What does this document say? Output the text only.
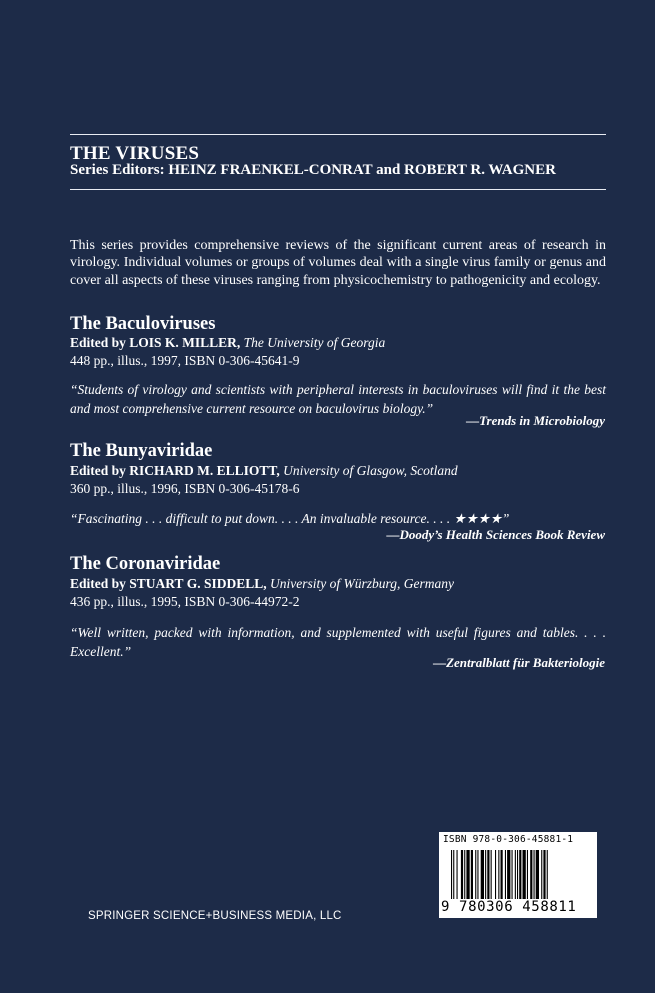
THE VIRUSES
Series Editors: HEINZ FRAENKEL-CONRAT and ROBERT R. WAGNER
This series provides comprehensive reviews of the significant current areas of research in virology. Individual volumes or groups of volumes deal with a single virus family or genus and cover all aspects of these viruses ranging from physicochemistry to pathogenicity and ecology.
The Baculoviruses
Edited by LOIS K. MILLER, The University of Georgia
448 pp., illus., 1997, ISBN 0-306-45641-9
“Students of virology and scientists with peripheral interests in baculoviruses will find it the best and most comprehensive current resource on baculovirus biology.”
—Trends in Microbiology
The Bunyaviridae
Edited by RICHARD M. ELLIOTT, University of Glasgow, Scotland
360 pp., illus., 1996, ISBN 0-306-45178-6
“Fascinating . . . difficult to put down. . . . An invaluable resource. . . . ★★★★”
—Doody’s Health Sciences Book Review
The Coronaviridae
Edited by STUART G. SIDDELL, University of Würzburg, Germany
436 pp., illus., 1995, ISBN 0-306-44972-2
“Well written, packed with information, and supplemented with useful figures and tables. . . . Excellent.”
—Zentralblatt für Bakteriologie
SPRINGER SCIENCE+BUSINESS MEDIA, LLC
ISBN 978-0-306-45881-1
9 780306 458811
